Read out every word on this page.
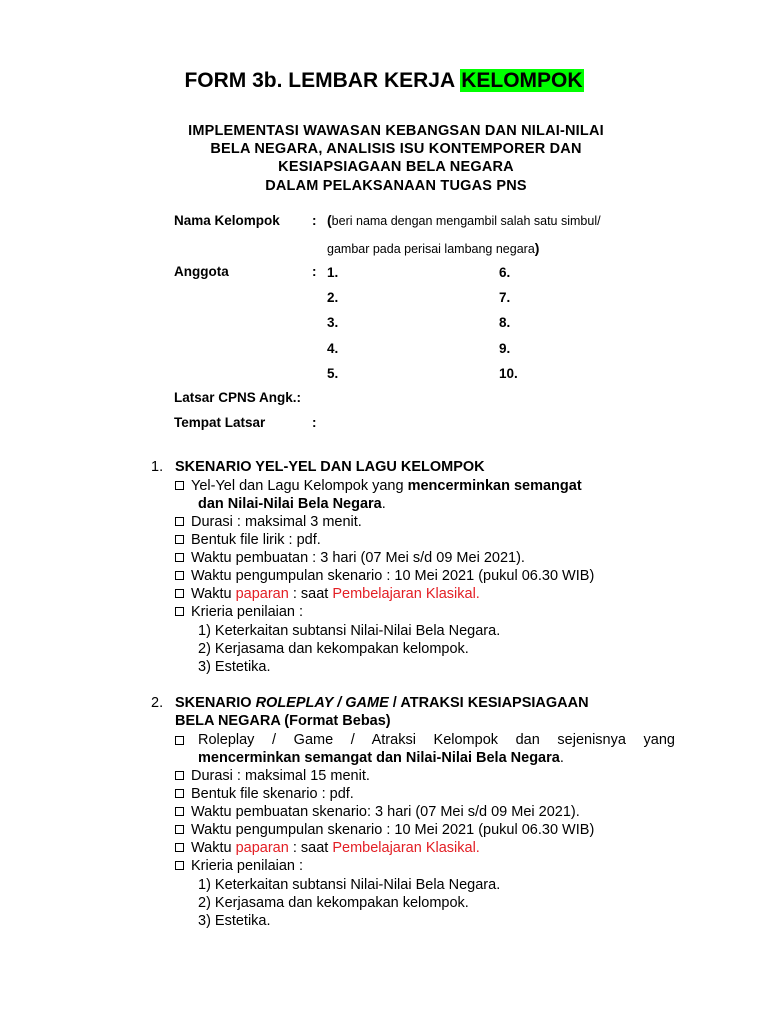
FORM 3b. LEMBAR KERJA KELOMPOK
IMPLEMENTASI WAWASAN KEBANGSAN DAN NILAI-NILAI
BELA NEGARA, ANALISIS ISU KONTEMPORER DAN
KESIAPSIAGAAN BELA NEGARA
DALAM PELAKSANAAN TUGAS PNS
Nama Kelompok : (beri nama dengan mengambil salah satu simbul/
gambar pada perisai lambang negara)
Anggota	: 1.
2.
3.
4.
5.
6.
7.
8.
9.
10.
Latsar CPNS Angk.:
Tempat Latsar	:
1. SKENARIO YEL-YEL DAN LAGU KELOMPOK
Yel-Yel dan Lagu Kelompok yang mencerminkan semangat
dan Nilai-Nilai Bela Negara.
Durasi : maksimal 3 menit.
Bentuk file lirik : pdf.
Waktu pembuatan : 3 hari (07 Mei s/d 09 Mei 2021).
Waktu pengumpulan skenario : 10 Mei 2021 (pukul 06.30 WIB)
Waktu paparan : saat Pembelajaran Klasikal.
Krieria penilaian :
1) Keterkaitan subtansi Nilai-Nilai Bela Negara.
2) Kerjasama dan kekompakan kelompok.
3) Estetika.
2. SKENARIO ROLEPLAY / GAME / ATRAKSI KESIAPSIAGAAN
BELA NEGARA (Format Bebas)
Roleplay / Game / Atraksi Kelompok dan sejenisnya yang
mencerminkan semangat dan Nilai-Nilai Bela Negara.
Durasi : maksimal 15 menit.
Bentuk file skenario : pdf.
Waktu pembuatan skenario: 3 hari (07 Mei s/d 09 Mei 2021).
Waktu pengumpulan skenario : 10 Mei 2021 (pukul 06.30 WIB)
Waktu paparan : saat Pembelajaran Klasikal.
Krieria penilaian :
1) Keterkaitan subtansi Nilai-Nilai Bela Negara.
2) Kerjasama dan kekompakan kelompok.
3) Estetika.
